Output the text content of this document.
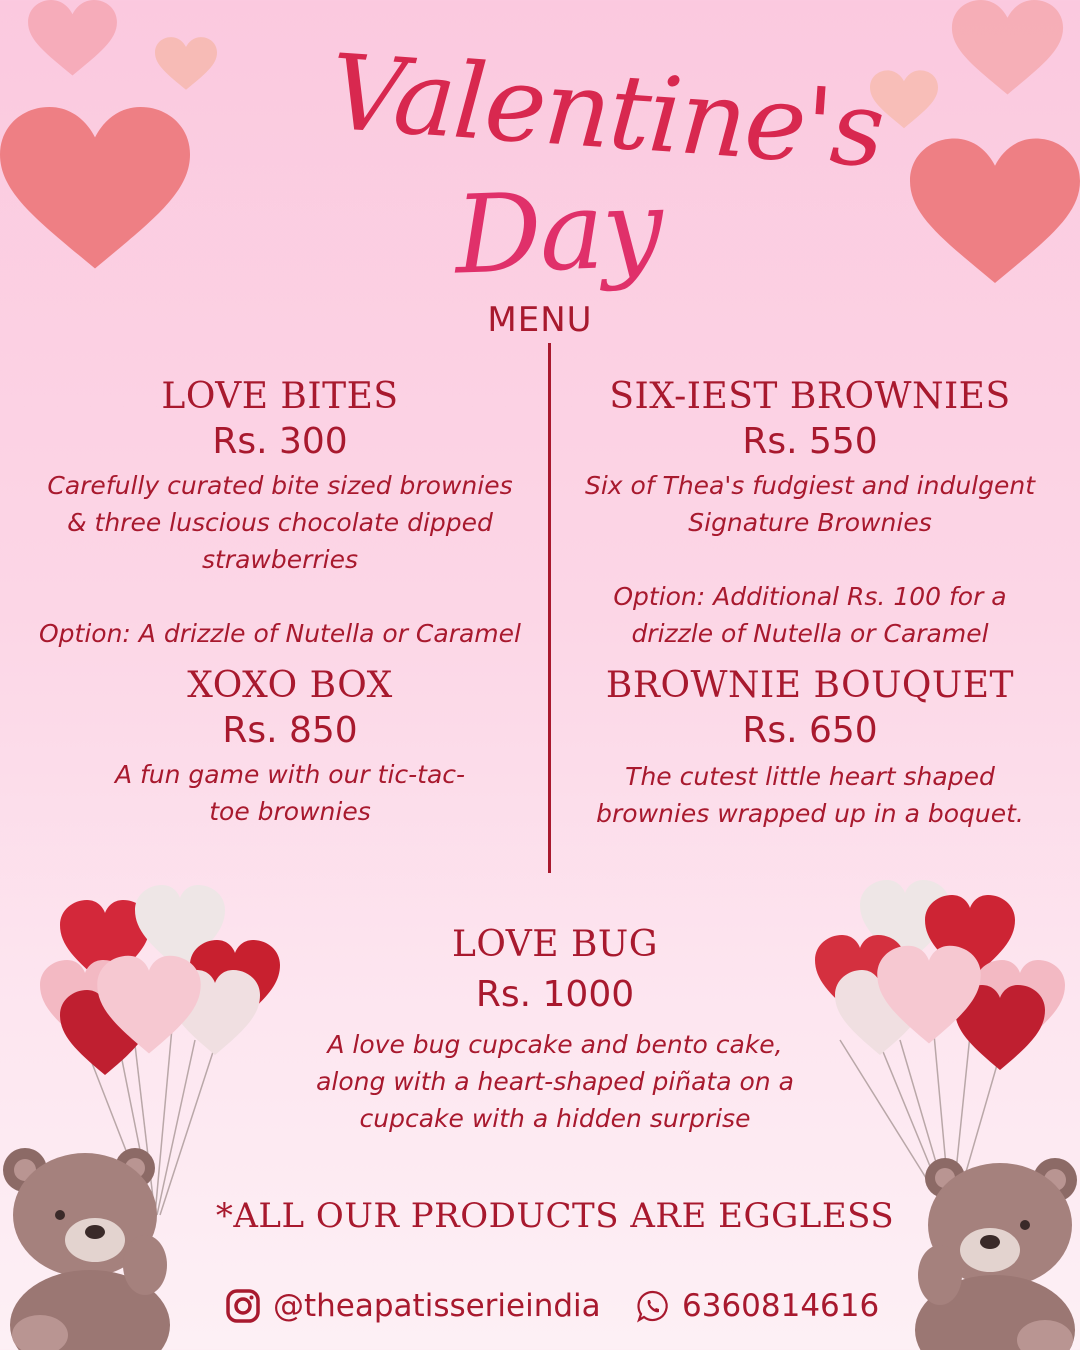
Valentine's
Day
MENU
LOVE BITES
Rs. 300
Carefully curated bite sized brownies
& three luscious chocolate dipped
strawberries
Option: A drizzle of Nutella or Caramel
SIX-IEST BROWNIES
Rs. 550
Six of Thea's fudgiest and indulgent
Signature Brownies
Option: Additional Rs. 100 for a
drizzle of Nutella or Caramel
XOXO BOX
Rs. 850
A fun game with our tic-tac-
toe brownies
BROWNIE BOUQUET
Rs. 650
The cutest little heart shaped
brownies wrapped up in a boquet.
LOVE BUG
Rs. 1000
A love bug cupcake and bento cake,
along with a heart-shaped piñata on a
cupcake with a hidden surprise
*ALL OUR PRODUCTS ARE EGGLESS
@theapatisserieindia	6360814616
